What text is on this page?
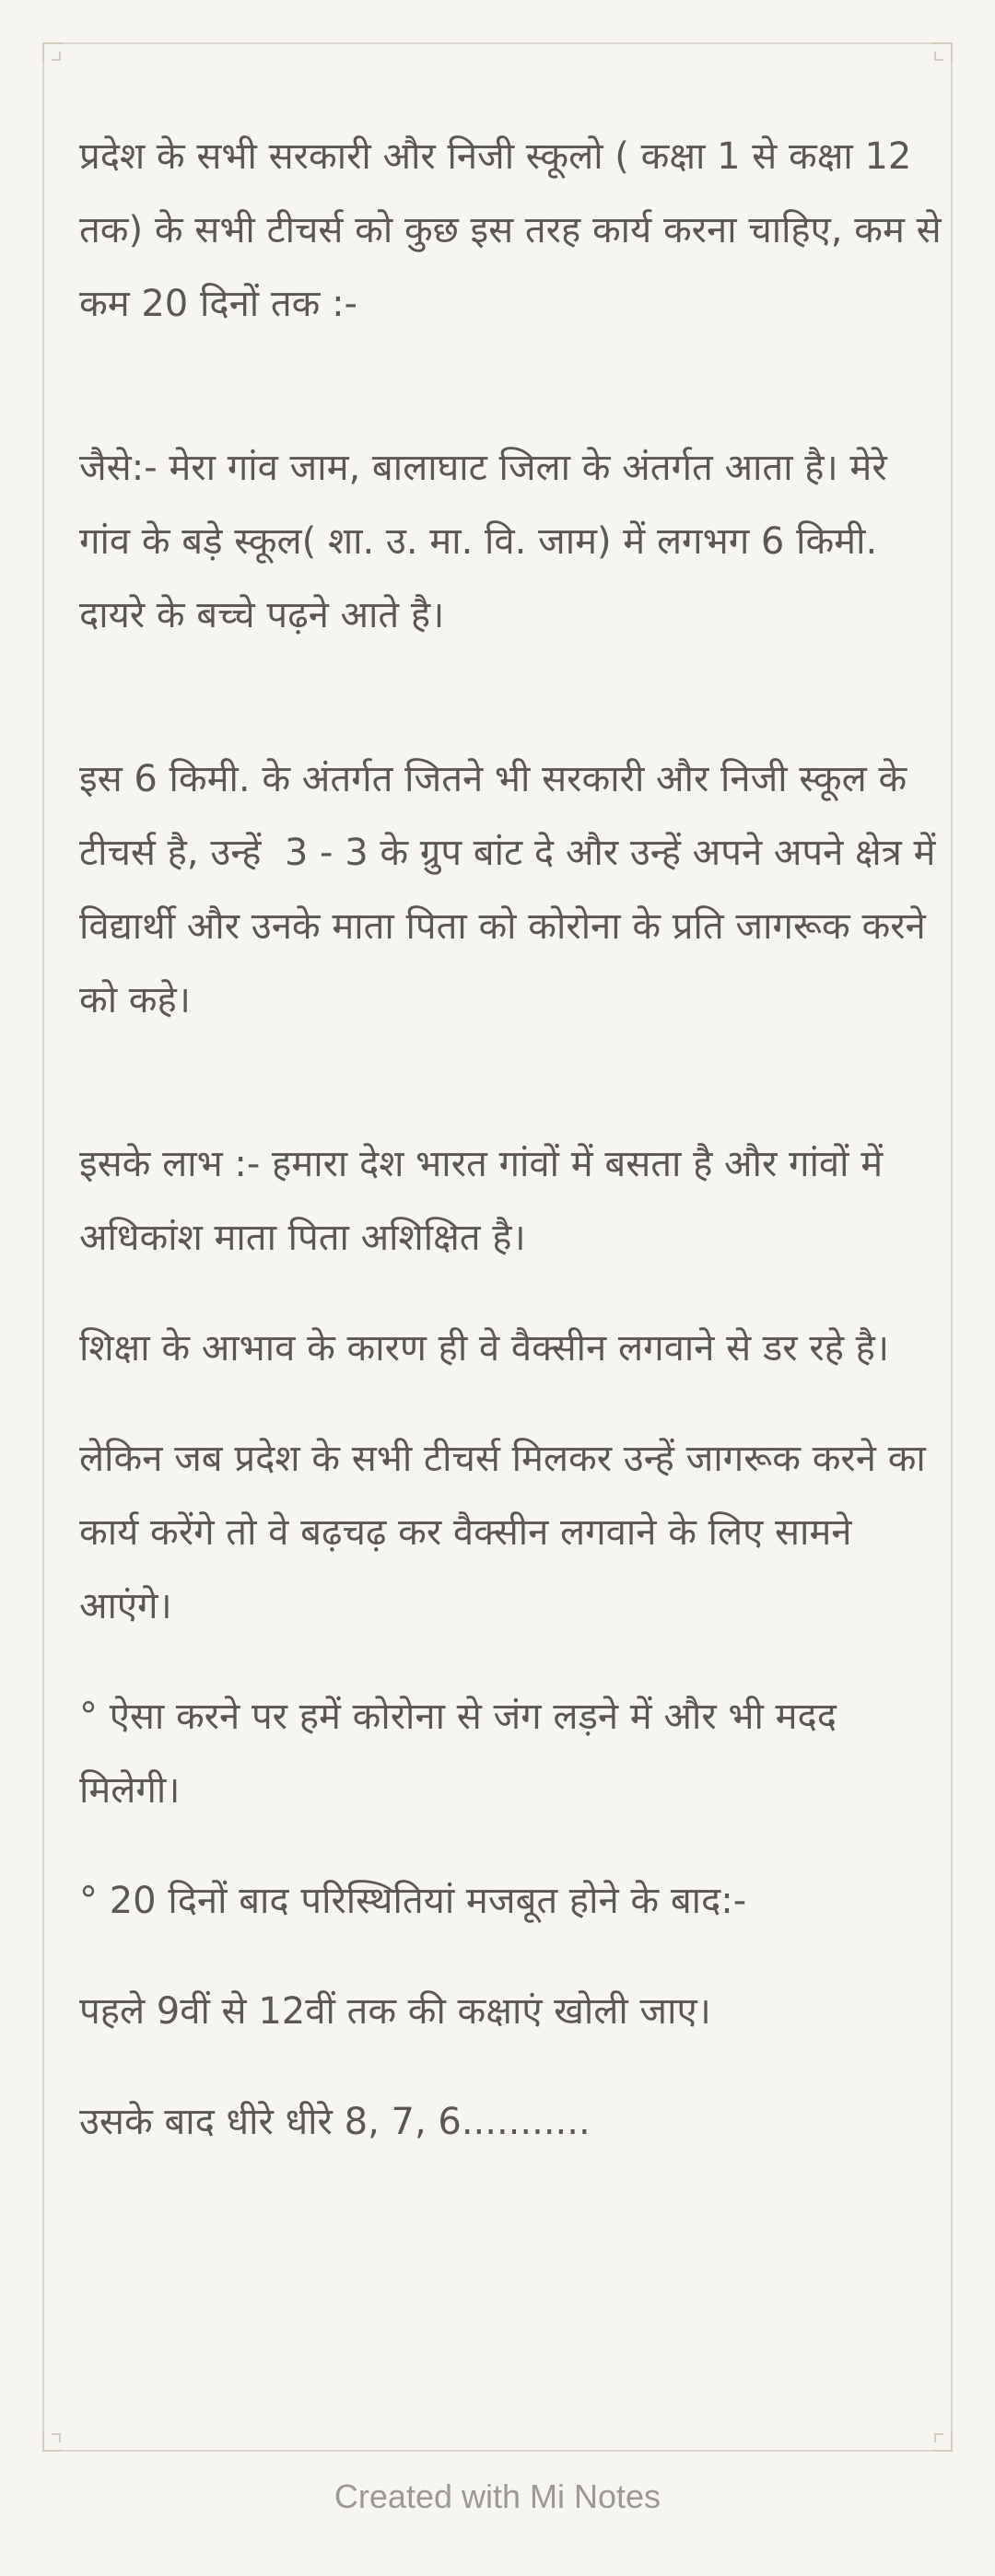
प्रदेश के सभी सरकारी और निजी स्कूलो ( कक्षा 1 से कक्षा 12 तक) के सभी टीचर्स को कुछ इस तरह कार्य करना चाहिए, कम से कम 20 दिनों तक :-

जैसे:- मेरा गांव जाम, बालाघाट जिला के अंतर्गत आता है। मेरे गांव के बड़े स्कूल( शा. उ. मा. वि. जाम) में लगभग 6 किमी. दायरे के बच्चे पढ़ने आते है।

इस 6 किमी. के अंतर्गत जितने भी सरकारी और निजी स्कूल के टीचर्स है, उन्हें  3 - 3 के ग्रुप बांट दे और उन्हें अपने अपने क्षेत्र में विद्यार्थी और उनके माता पिता को कोरोना के प्रति जागरूक करने को कहे।

इसके लाभ :- हमारा देश भारत गांवों में बसता है और गांवों में अधिकांश माता पिता अशिक्षित है।

शिक्षा के आभाव के कारण ही वे वैक्सीन लगवाने से डर रहे है।

लेकिन जब प्रदेश के सभी टीचर्स मिलकर उन्हें जागरूक करने का कार्य करेंगे तो वे बढ़चढ़ कर वैक्सीन लगवाने के लिए सामने आएंगे।

° ऐसा करने पर हमें कोरोना से जंग लड़ने में और भी मदद मिलेगी।

° 20 दिनों बाद परिस्थितियां मजबूत होने के बाद:-

पहले 9वीं से 12वीं तक की कक्षाएं खोली जाए।

उसके बाद धीरे धीरे 8, 7, 6...........

Created with Mi Notes
